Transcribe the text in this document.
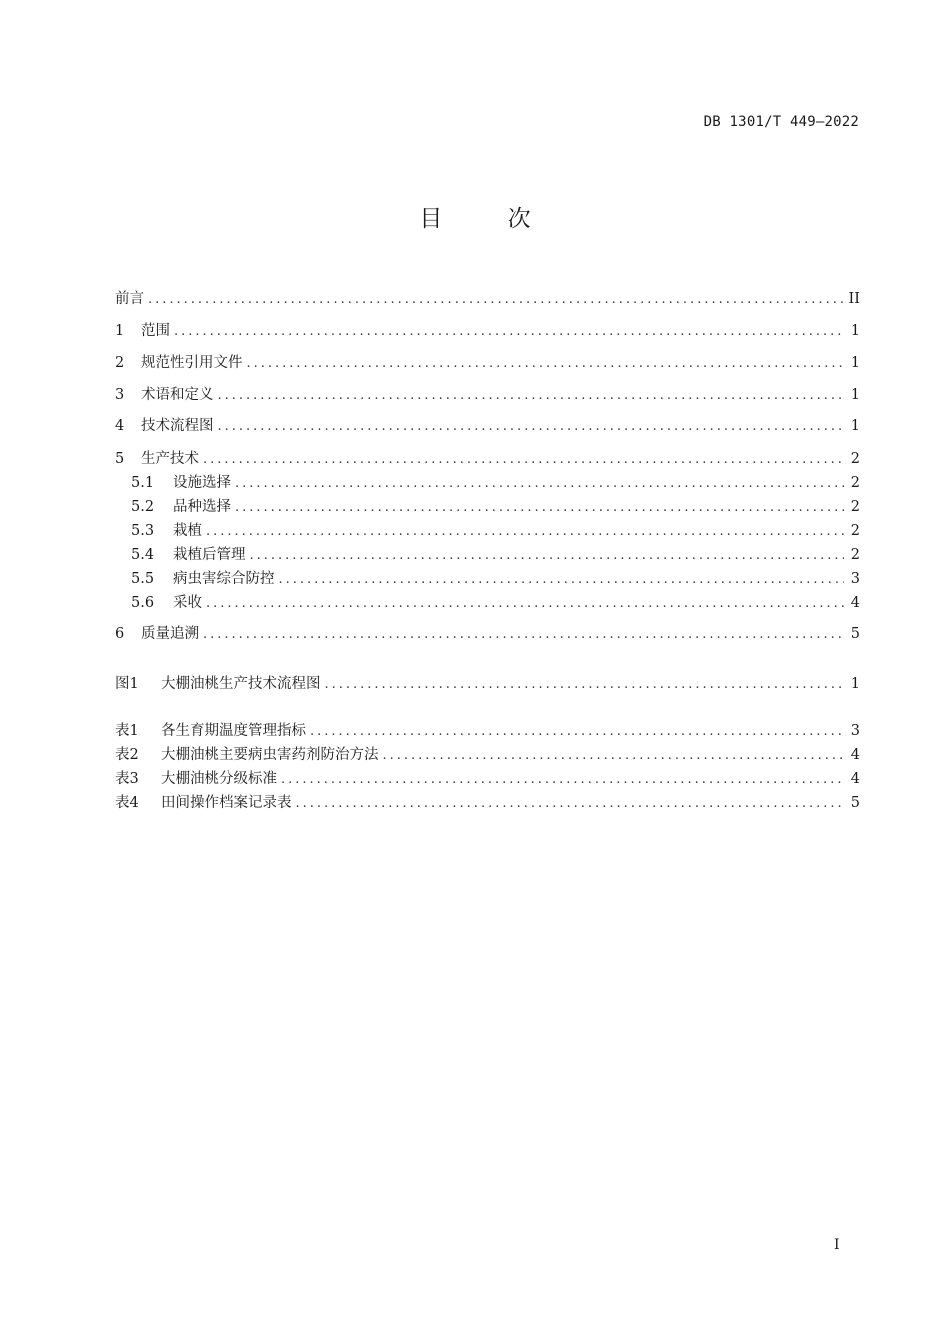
DB 1301/T 449—2022
目 次
前言 .....	II
1	范围 .....	1
2	规范性引用文件 .....	1
3	术语和定义 .....	1
4	技术流程图 .....	1
5	生产技术 .....	2
5.1	设施选择 .....	2
5.2	品种选择 .....	2
5.3	栽植 .....	2
5.4	栽植后管理 .....	2
5.5	病虫害综合防控 .....	3
5.6	采收 .....	4
6	质量追溯 .....	5
图1	大棚油桃生产技术流程图 .....	1
表1	各生育期温度管理指标 .....	3
表2	大棚油桃主要病虫害药剂防治方法 .....	4
表3	大棚油桃分级标准 .....	4
表4	田间操作档案记录表 .....	5
I
